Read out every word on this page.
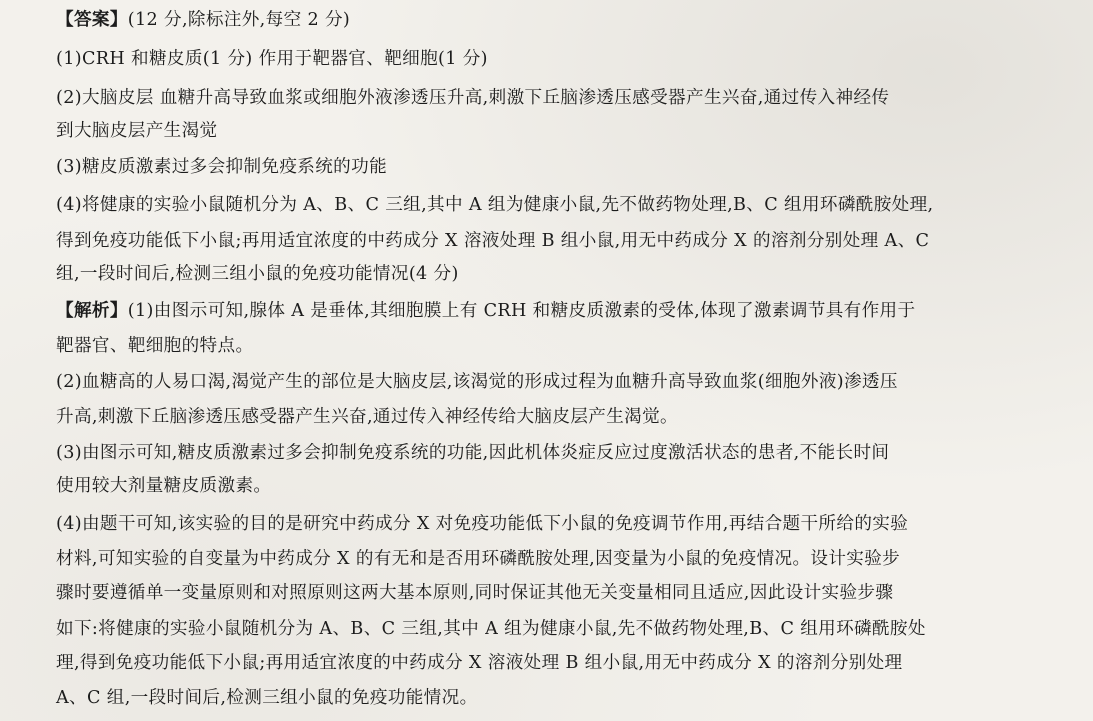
【答案】(12 分,除标注外,每空 2 分)
(1)CRH 和糖皮质(1 分) 作用于靶器官、靶细胞(1 分)
(2)大脑皮层 血糖升高导致血浆或细胞外液渗透压升高,刺激下丘脑渗透压感受器产生兴奋,通过传入神经传
到大脑皮层产生渴觉
(3)糖皮质激素过多会抑制免疫系统的功能
(4)将健康的实验小鼠随机分为 A、B、C 三组,其中 A 组为健康小鼠,先不做药物处理,B、C 组用环磷酰胺处理,
得到免疫功能低下小鼠;再用适宜浓度的中药成分 X 溶液处理 B 组小鼠,用无中药成分 X 的溶剂分别处理 A、C
组,一段时间后,检测三组小鼠的免疫功能情况(4 分)
【解析】(1)由图示可知,腺体 A 是垂体,其细胞膜上有 CRH 和糖皮质激素的受体,体现了激素调节具有作用于
靶器官、靶细胞的特点。
(2)血糖高的人易口渴,渴觉产生的部位是大脑皮层,该渴觉的形成过程为血糖升高导致血浆(细胞外液)渗透压
升高,刺激下丘脑渗透压感受器产生兴奋,通过传入神经传给大脑皮层产生渴觉。
(3)由图示可知,糖皮质激素过多会抑制免疫系统的功能,因此机体炎症反应过度激活状态的患者,不能长时间
使用较大剂量糖皮质激素。
(4)由题干可知,该实验的目的是研究中药成分 X 对免疫功能低下小鼠的免疫调节作用,再结合题干所给的实验
材料,可知实验的自变量为中药成分 X 的有无和是否用环磷酰胺处理,因变量为小鼠的免疫情况。设计实验步
骤时要遵循单一变量原则和对照原则这两大基本原则,同时保证其他无关变量相同且适应,因此设计实验步骤
如下:将健康的实验小鼠随机分为 A、B、C 三组,其中 A 组为健康小鼠,先不做药物处理,B、C 组用环磷酰胺处
理,得到免疫功能低下小鼠;再用适宜浓度的中药成分 X 溶液处理 B 组小鼠,用无中药成分 X 的溶剂分别处理
A、C 组,一段时间后,检测三组小鼠的免疫功能情况。
